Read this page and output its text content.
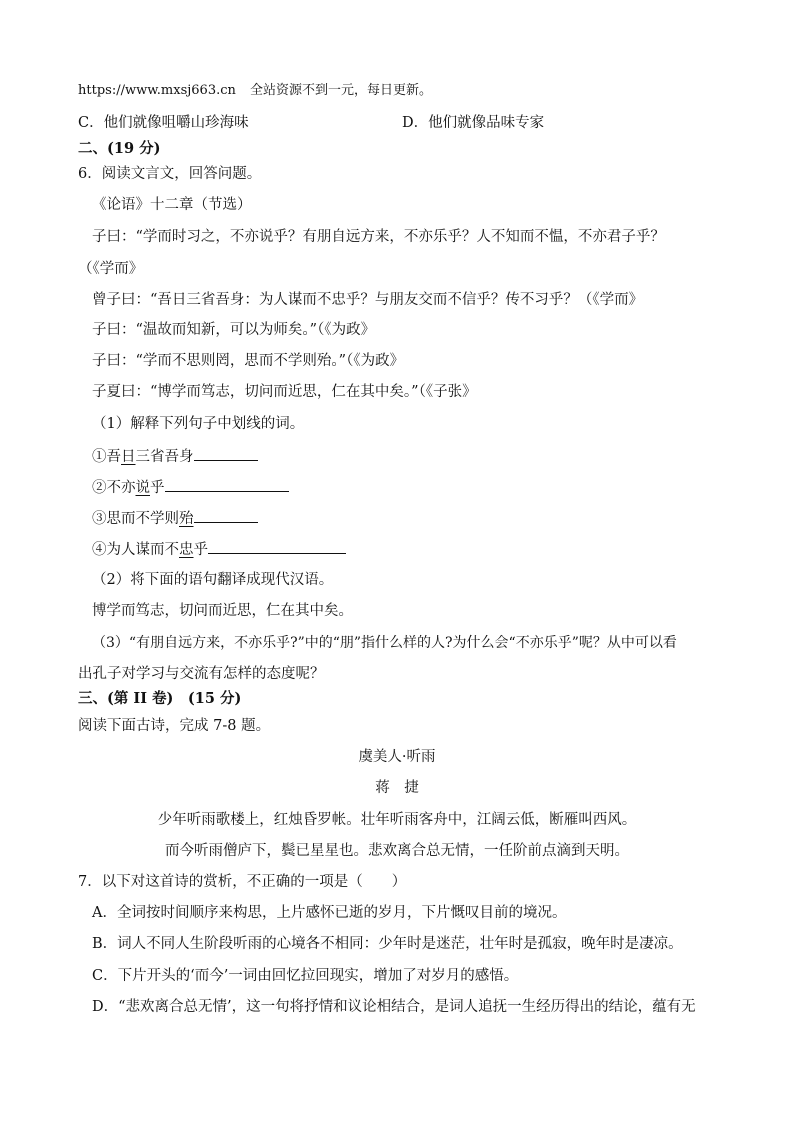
https://www.mxsj663.cn 全站资源不到一元，每日更新。
C．他们就像咀嚼山珍海味	D．他们就像品味专家
二、(19 分)
6．阅读文言文，回答问题。
《论语》十二章（节选）
子曰：“学而时习之，不亦说乎？有朋自远方来，不亦乐乎？人不知而不愠，不亦君子乎？
（《学而》
曾子曰：“吾日三省吾身：为人谋而不忠乎？与朋友交而不信乎？传不习乎？（《学而》
子曰：“温故而知新，可以为师矣。”（《为政》
子曰：“学而不思则罔，思而不学则殆。”（《为政》
子夏曰：“博学而笃志，切问而近思，仁在其中矣。”（《子张》
（1）解释下列句子中划线的词。
①吾日三省吾身
②不亦说乎
③思而不学则殆
④为人谋而不忠乎
（2）将下面的语句翻译成现代汉语。
博学而笃志，切问而近思，仁在其中矣。
（3）“有朋自远方来，不亦乐乎?”中的“朋”指什么样的人?为什么会“不亦乐乎”呢？从中可以看
出孔子对学习与交流有怎样的态度呢？
三、(第 II 卷)　(15 分)
阅读下面古诗，完成 7-8 题。
虞美人·听雨
蒋　捷
少年听雨歌楼上，红烛昏罗帐。壮年听雨客舟中，江阔云低，断雁叫西风。
而今听雨僧庐下，鬓已星星也。悲欢离合总无情，一任阶前点滴到天明。
7．以下对这首诗的赏析，不正确的一项是（　　）
A．全词按时间顺序来构思，上片感怀已逝的岁月，下片慨叹目前的境况。
B．词人不同人生阶段听雨的心境各不相同：少年时是迷茫，壮年时是孤寂，晚年时是凄凉。
C．下片开头的‘而今’一词由回忆拉回现实，增加了对岁月的感悟。
D．“悲欢离合总无情’，这一句将抒情和议论相结合，是词人追抚一生经历得出的结论，蕴有无
